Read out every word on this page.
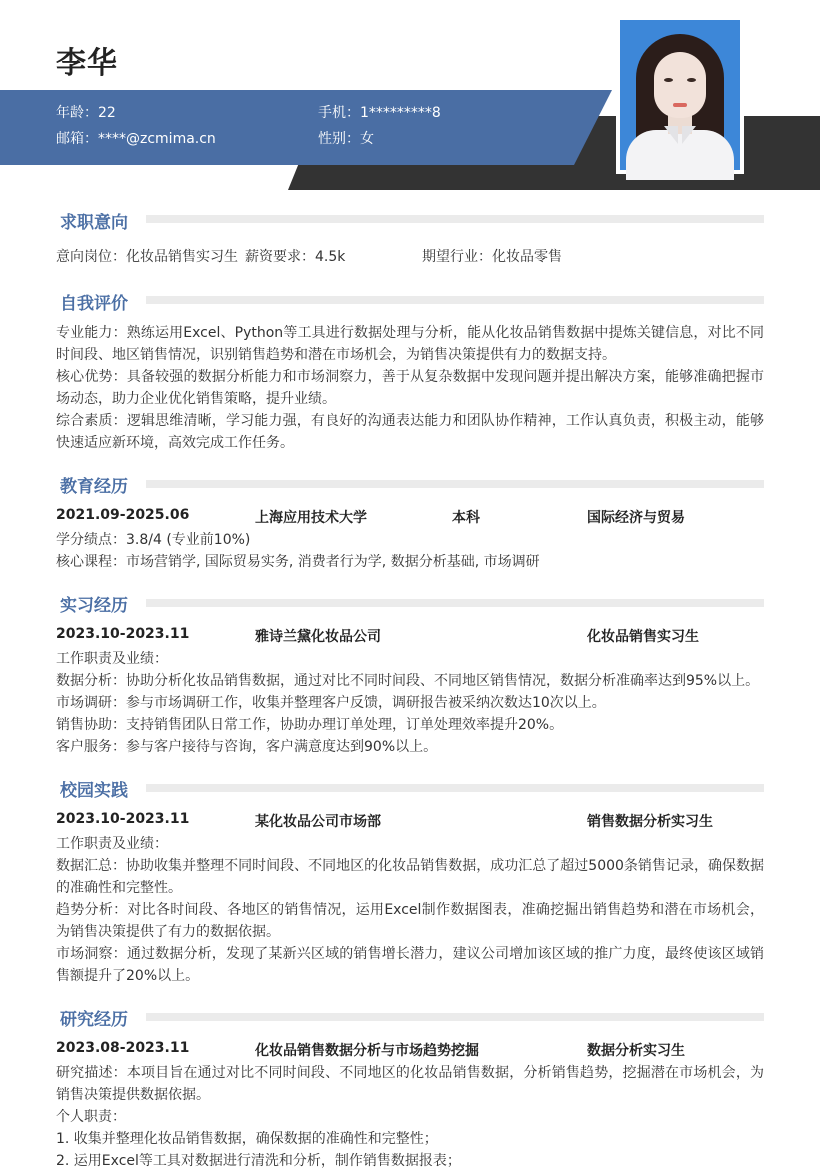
李华
年龄：22	手机：1*********8
邮箱：****@zcmima.cn	性别：女
求职意向
意向岗位：化妆品销售实习生 薪资要求：4.5k	期望行业：化妆品零售
自我评价
专业能力：熟练运用Excel、Python等工具进行数据处理与分析，能从化妆品销售数据中提炼关键信息，对比不同时间段、地区销售情况，识别销售趋势和潜在市场机会，为销售决策提供有力的数据支持。
核心优势：具备较强的数据分析能力和市场洞察力，善于从复杂数据中发现问题并提出解决方案，能够准确把握市场动态，助力企业优化销售策略，提升业绩。
综合素质：逻辑思维清晰，学习能力强，有良好的沟通表达能力和团队协作精神，工作认真负责，积极主动，能够快速适应新环境，高效完成工作任务。
教育经历
2021.09-2025.06	上海应用技术大学	本科	国际经济与贸易
学分绩点：3.8/4 (专业前10%)
核心课程：市场营销学, 国际贸易实务, 消费者行为学, 数据分析基础, 市场调研
实习经历
2023.10-2023.11	雅诗兰黛化妆品公司	化妆品销售实习生
工作职责及业绩：
数据分析：协助分析化妆品销售数据，通过对比不同时间段、不同地区销售情况，数据分析准确率达到95%以上。
市场调研：参与市场调研工作，收集并整理客户反馈，调研报告被采纳次数达10次以上。
销售协助：支持销售团队日常工作，协助办理订单处理，订单处理效率提升20%。
客户服务：参与客户接待与咨询，客户满意度达到90%以上。
校园实践
2023.10-2023.11	某化妆品公司市场部	销售数据分析实习生
工作职责及业绩：
数据汇总：协助收集并整理不同时间段、不同地区的化妆品销售数据，成功汇总了超过5000条销售记录，确保数据的准确性和完整性。
趋势分析：对比各时间段、各地区的销售情况，运用Excel制作数据图表，准确挖掘出销售趋势和潜在市场机会，为销售决策提供了有力的数据依据。
市场洞察：通过数据分析，发现了某新兴区域的销售增长潜力，建议公司增加该区域的推广力度，最终使该区域销售额提升了20%以上。
研究经历
2023.08-2023.11	化妆品销售数据分析与市场趋势挖掘	数据分析实习生
研究描述：本项目旨在通过对比不同时间段、不同地区的化妆品销售数据，分析销售趋势，挖掘潜在市场机会，为销售决策提供数据依据。
个人职责：
1. 收集并整理化妆品销售数据，确保数据的准确性和完整性；
2. 运用Excel等工具对数据进行清洗和分析，制作销售数据报表；
